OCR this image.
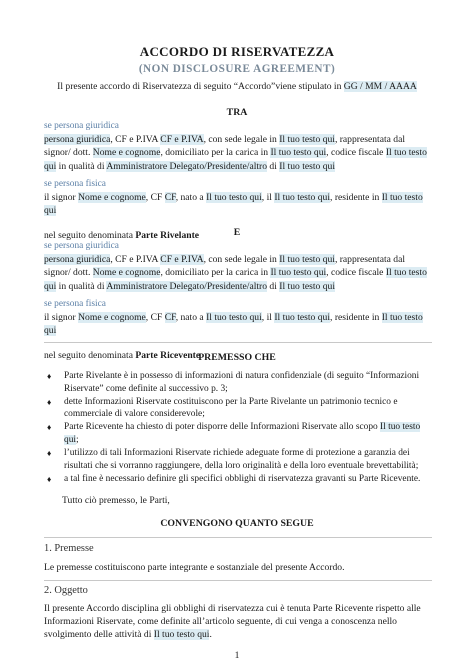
ACCORDO DI RISERVATEZZA
(NON DISCLOSURE AGREEMENT)
Il presente accordo di Riservatezza di seguito “Accordo”viene stipulato in GG / MM / AAAA
TRA
se persona giuridica
persona giuridica, CF e P.IVA CF e P.IVA, con sede legale in Il tuo testo qui, rappresentata dal signor/ dott. Nome e cognome, domiciliato per la carica in Il tuo testo qui, codice fiscale Il tuo testo qui in qualità di Amministratore Delegato/Presidente/altro di Il tuo testo qui
se persona fisica
il signor Nome e cognome, CF CF, nato a Il tuo testo qui, il Il tuo testo qui, residente in Il tuo testo qui
nel seguito denominata Parte Rivelante	E
se persona giuridica
persona giuridica, CF e P.IVA CF e P.IVA, con sede legale in Il tuo testo qui, rappresentata dal signor/ dott. Nome e cognome, domiciliato per la carica in Il tuo testo qui, codice fiscale Il tuo testo qui in qualità di Amministratore Delegato/Presidente/altro di Il tuo testo qui
se persona fisica
il signor Nome e cognome, CF CF, nato a Il tuo testo qui, il Il tuo testo qui, residente in Il tuo testo qui
nel seguito denominata Parte Ricevente
PREMESSO CHE
♦ Parte Rivelante è in possesso di informazioni di natura confidenziale (di seguito “Informazioni Riservate” come definite al successivo p. 3;
♦ dette Informazioni Riservate costituiscono per la Parte Rivelante un patrimonio tecnico e commerciale di valore considerevole;
♦ Parte Ricevente ha chiesto di poter disporre delle Informazioni Riservate allo scopo Il tuo testo qui;
♦ l’utilizzo di tali Informazioni Riservate richiede adeguate forme di protezione a garanzia dei risultati che si vorranno raggiungere, della loro originalità e della loro eventuale brevettabilità;
♦ a tal fine è necessario definire gli specifici obblighi di riservatezza gravanti su Parte Ricevente.
Tutto ciò premesso, le Parti,
CONVENGONO QUANTO SEGUE
1. Premesse
Le premesse costituiscono parte integrante e sostanziale del presente Accordo.
2. Oggetto
Il presente Accordo disciplina gli obblighi di riservatezza cui è tenuta Parte Ricevente rispetto alle Informazioni Riservate, come definite all’articolo seguente, di cui venga a conoscenza nello svolgimento delle attività di Il tuo testo qui.
1
